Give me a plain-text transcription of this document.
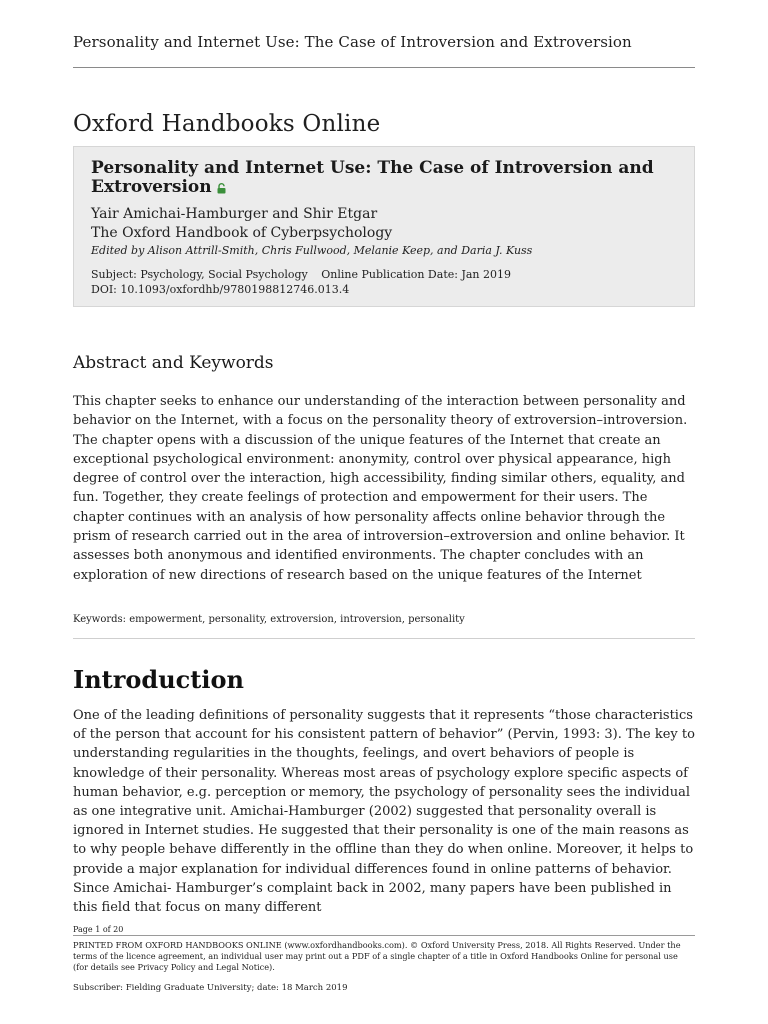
Personality and Internet Use: The Case of Introversion and Extroversion
Oxford Handbooks Online
Personality and Internet Use: The Case of Introversion and Extroversion
Yair Amichai-Hamburger and Shir Etgar
The Oxford Handbook of Cyberpsychology
Edited by Alison Attrill-Smith, Chris Fullwood, Melanie Keep, and Daria J. Kuss
Subject: Psychology, Social Psychology Online Publication Date: Jan 2019
DOI: 10.1093/oxfordhb/9780198812746.013.4
Abstract and Keywords
This chapter seeks to enhance our understanding of the interaction between personality and behavior on the Internet, with a focus on the personality theory of extroversion–introversion. The chapter opens with a discussion of the unique features of the Internet that create an exceptional psychological environment: anonymity, control over physical appearance, high degree of control over the interaction, high accessibility, finding similar others, equality, and fun. Together, they create feelings of protection and empowerment for their users. The chapter continues with an analysis of how personality affects online behavior through the prism of research carried out in the area of introversion–extroversion and online behavior. It assesses both anonymous and identified environments. The chapter concludes with an exploration of new directions of research based on the unique features of the Internet
Keywords: empowerment, personality, extroversion, introversion, personality
Introduction
One of the leading definitions of personality suggests that it represents “those characteristics of the person that account for his consistent pattern of behavior” (Pervin, 1993: 3). The key to understanding regularities in the thoughts, feelings, and overt behaviors of people is knowledge of their personality. Whereas most areas of psychology explore specific aspects of human behavior, e.g. perception or memory, the psychology of personality sees the individual as one integrative unit. Amichai-Hamburger (2002) suggested that personality overall is ignored in Internet studies. He suggested that their personality is one of the main reasons as to why people behave differently in the offline than they do when online. Moreover, it helps to provide a major explanation for individual differences found in online patterns of behavior. Since Amichai- Hamburger’s complaint back in 2002, many papers have been published in this field that focus on many different
Page 1 of 20
PRINTED FROM OXFORD HANDBOOKS ONLINE (www.oxfordhandbooks.com). © Oxford University Press, 2018. All Rights Reserved. Under the terms of the licence agreement, an individual user may print out a PDF of a single chapter of a title in Oxford Handbooks Online for personal use (for details see Privacy Policy and Legal Notice).
Subscriber: Fielding Graduate University; date: 18 March 2019
